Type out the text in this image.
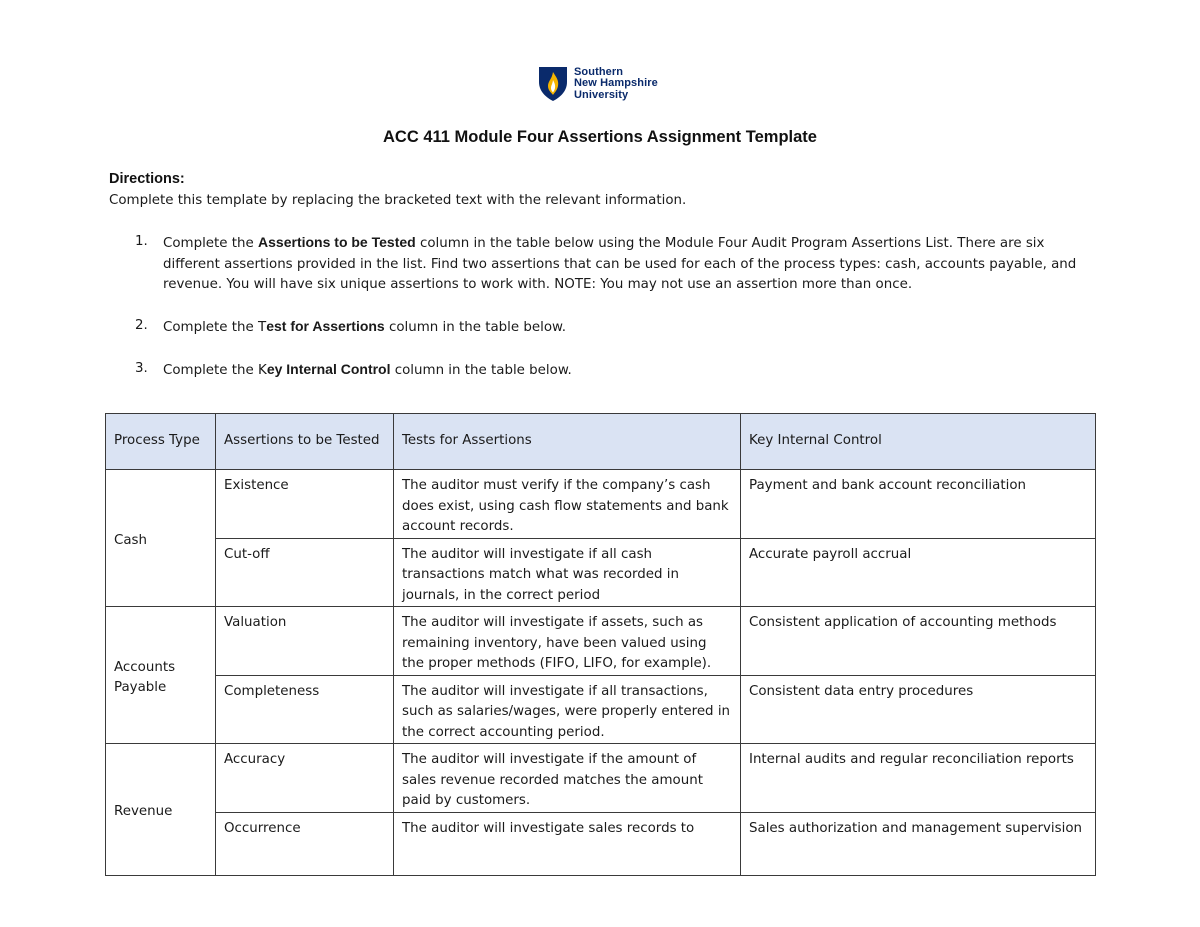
Southern
New Hampshire
University
ACC 411 Module Four Assertions Assignment Template
Directions:
Complete this template by replacing the bracketed text with the relevant information.
1.	Complete the Assertions to be Tested column in the table below using the Module Four Audit Program Assertions List. There are six different assertions provided in the list. Find two assertions that can be used for each of the process types: cash, accounts payable, and revenue. You will have six unique assertions to work with. NOTE: You may not use an assertion more than once.
2.	Complete the Test for Assertions column in the table below.
3.	Complete the Key Internal Control column in the table below.
Process Type	Assertions to be Tested	Tests for Assertions	Key Internal Control
Cash	Existence	The auditor must verify if the company’s cash does exist, using cash flow statements and bank account records.	Payment and bank account reconciliation
	Cut-off	The auditor will investigate if all cash transactions match what was recorded in journals, in the correct period	Accurate payroll accrual
Accounts Payable	Valuation	The auditor will investigate if assets, such as remaining inventory, have been valued using the proper methods (FIFO, LIFO, for example).	Consistent application of accounting methods
	Completeness	The auditor will investigate if all transactions, such as salaries/wages, were properly entered in the correct accounting period.	Consistent data entry procedures
Revenue	Accuracy	The auditor will investigate if the amount of sales revenue recorded matches the amount paid by customers.	Internal audits and regular reconciliation reports
	Occurrence	The auditor will investigate sales records to	Sales authorization and management supervision
